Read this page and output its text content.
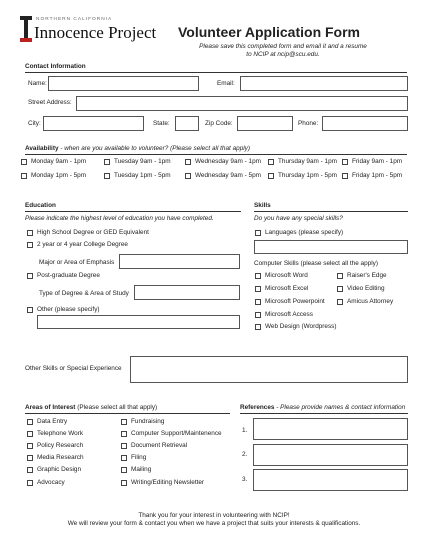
NORTHERN CALIFORNIA
Innocence Project Volunteer Application Form
Please save this completed form and email it and a resume
to NCIP at ncip@scu.edu.
Contact Information
Name:	Email:
Street Address:
City:	State:	Zip Code:	Phone:
Availability - when are you available to volunteer? (Please select all that apply)
Monday 9am - 1pm	Tuesday 9am - 1pm	Wednesday 9am - 1pm	Thursday 9am - 1pm Friday 9am - 1pm
Monday 1pm - 5pm	Tuesday 1pm - 5pm	Wednesday 9am - 5pm	Thursday 1pm - 5pm Friday 1pm - 5pm
Education
Please indicate the highest level of education you have completed.
High School Degree or GED Equivalent
2 year or 4 year College Degree
Major or Area of Emphasis
Post-graduate Degree
Type of Degree & Area of Study
Other (please specify)
Skills
Do you have any special skills?
Languages (please specify)
Computer Skills (please select all the apply)
Microsoft Word
Microsoft Excel
Microsoft Powerpoint
Microsoft Access
Web Design (Wordpress)
Raiser's Edge
Video Editing
Amicus Attorney
Other Skills or Special Experience
Areas of Interest (Please select all that apply)
Data Entry
Telephone Work
Policy Research
Media Research
Graphic Design
Advocacy
Fundraising
Computer Support/Maintenence
Document Retrieval
Filing
Mailing
Writing/Editing Newsletter
References - Please provide names & contact information
1.
2.
3.
Thank you for your interest in volunteering with NCIP!
We will review your form & contact you when we have a project that suits your interests & qualifications.
